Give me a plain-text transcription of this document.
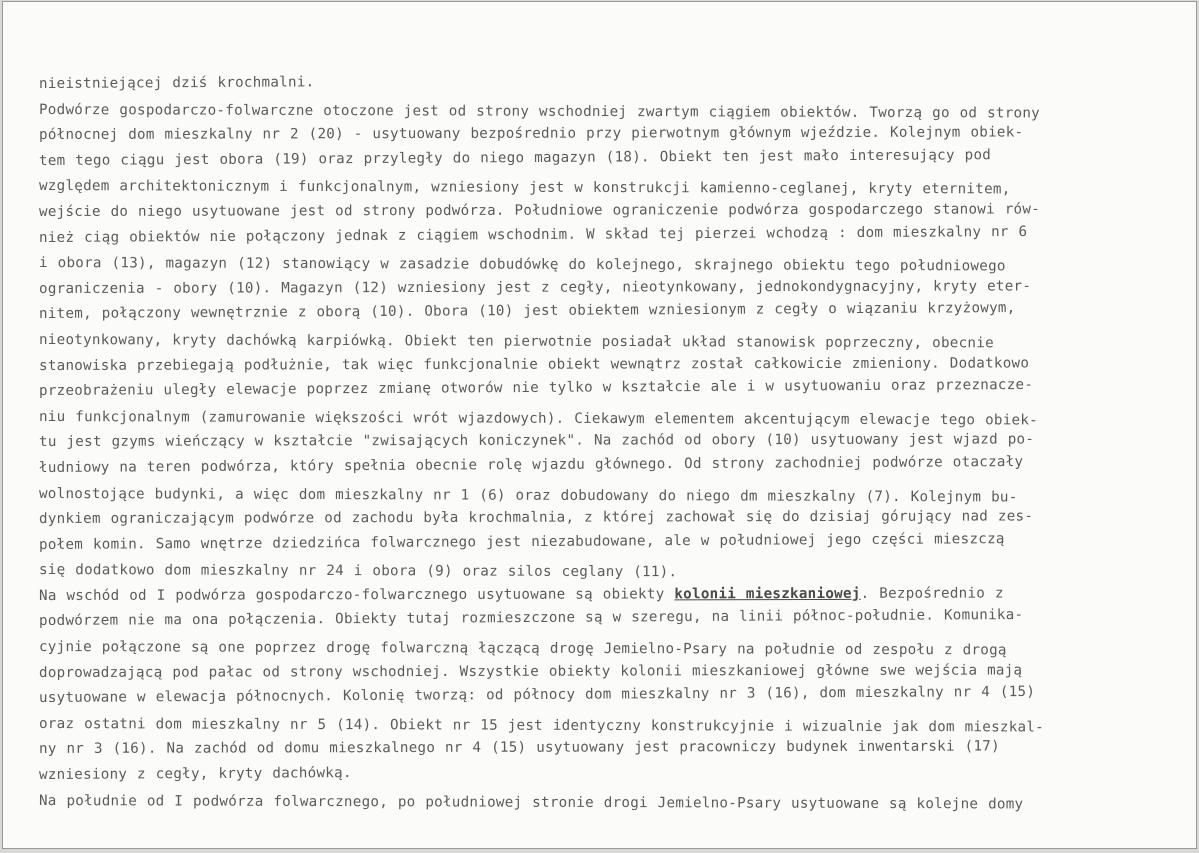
nieistniejącej dziś krochmalni.
Podwórze gospodarczo-folwarczne otoczone jest od strony wschodniej zwartym ciągiem obiektów. Tworzą go od strony
północnej dom mieszkalny nr 2 (20) - usytuowany bezpośrednio przy pierwotnym głównym wjeździe. Kolejnym obiek-
tem tego ciągu jest obora (19) oraz przyległy do niego magazyn (18). Obiekt ten jest mało interesujący pod
względem architektonicznym i funkcjonalnym, wzniesiony jest w konstrukcji kamienno-ceglanej, kryty eternitem,
wejście do niego usytuowane jest od strony podwórza. Południowe ograniczenie podwórza gospodarczego stanowi rów-
nież ciąg obiektów nie połączony jednak z ciągiem wschodnim. W skład tej pierzei wchodzą : dom mieszkalny nr 6
i obora (13), magazyn (12) stanowiący w zasadzie dobudówkę do kolejnego, skrajnego obiektu tego południowego
ograniczenia - obory (10). Magazyn (12) wzniesiony jest z cegły, nieotynkowany, jednokondygnacyjny, kryty eter-
nitem, połączony wewnętrznie z oborą (10). Obora (10) jest obiektem wzniesionym z cegły o wiązaniu krzyżowym,
nieotynkowany, kryty dachówką karpiówką. Obiekt ten pierwotnie posiadał układ stanowisk poprzeczny, obecnie
stanowiska przebiegają podłużnie, tak więc funkcjonalnie obiekt wewnątrz został całkowicie zmieniony. Dodatkowo
przeobrażeniu uległy elewacje poprzez zmianę otworów nie tylko w kształcie ale i w usytuowaniu oraz przeznacze-
niu funkcjonalnym (zamurowanie większości wrót wjazdowych). Ciekawym elementem akcentującym elewacje tego obiek-
tu jest gzyms wieńczący w kształcie "zwisających koniczynek". Na zachód od obory (10) usytuowany jest wjazd po-
łudniowy na teren podwórza, który spełnia obecnie rolę wjazdu głównego. Od strony zachodniej podwórze otaczały
wolnostojące budynki, a więc dom mieszkalny nr 1 (6) oraz dobudowany do niego dm mieszkalny (7). Kolejnym bu-
dynkiem ograniczającym podwórze od zachodu była krochmalnia, z której zachował się do dzisiaj górujący nad zes-
połem komin. Samo wnętrze dziedzińca folwarcznego jest niezabudowane, ale w południowej jego części mieszczą
się dodatkowo dom mieszkalny nr 24 i obora (9) oraz silos ceglany (11).
Na wschód od I podwórza gospodarczo-folwarcznego usytuowane są obiekty kolonii mieszkaniowej. Bezpośrednio z
podwórzem nie ma ona połączenia. Obiekty tutaj rozmieszczone są w szeregu, na linii północ-południe. Komunika-
cyjnie połączone są one poprzez drogę folwarczną łączącą drogę Jemielno-Psary na południe od zespołu z drogą
doprowadzającą pod pałac od strony wschodniej. Wszystkie obiekty kolonii mieszkaniowej główne swe wejścia mają
usytuowane w elewacja północnych. Kolonię tworzą: od północy dom mieszkalny nr 3 (16), dom mieszkalny nr 4 (15)
oraz ostatni dom mieszkalny nr 5 (14). Obiekt nr 15 jest identyczny konstrukcyjnie i wizualnie jak dom mieszkal-
ny nr 3 (16). Na zachód od domu mieszkalnego nr 4 (15) usytuowany jest pracowniczy budynek inwentarski (17)
wzniesiony z cegły, kryty dachówką.
Na południe od I podwórza folwarcznego, po południowej stronie drogi Jemielno-Psary usytuowane są kolejne domy
